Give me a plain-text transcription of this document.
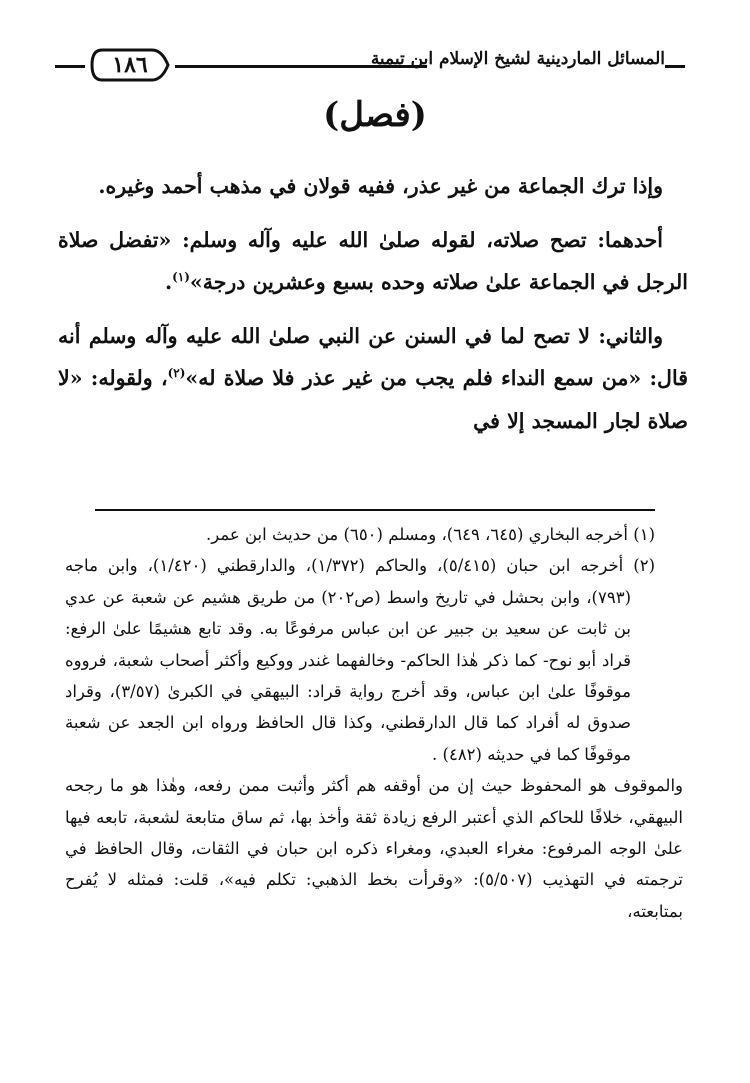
١٨٦	المسائل الماردينية لشيخ الإسلام ابن تيمية
(فصل)

وإذا ترك الجماعة من غير عذر، ففيه قولان في مذهب أحمد وغيره.

أحدهما: تصح صلاته، لقوله صلىٰ الله عليه وآله وسلم: «تفضل صلاة الرجل في الجماعة علىٰ صلاته وحده بسبع وعشرين درجة»$^{(١)}$.

والثاني: لا تصح لما في السنن عن النبي صلىٰ الله عليه وآله وسلم أنه قال: «من سمع النداء فلم يجب من غير عذر فلا صلاة له»$^{(٢)}$، ولقوله: «لا صلاة لجار المسجد إلا في

(١) أخرجه البخاري (٦٤٥، ٦٤٩)، ومسلم (٦٥٠) من حديث ابن عمر.

(٢) أخرجه ابن حبان (٥/٤١٥)، والحاكم (١/٣٧٢)، والدارقطني (١/٤٢٠)، وابن ماجه (٧٩٣)، وابن بحشل في تاريخ واسط (ص٢٠٢) من طريق هشيم عن شعبة عن عدي بن ثابت عن سعيد بن جبير عن ابن عباس مرفوعًا به. وقد تابع هشيمًا علىٰ الرفع: قراد أبو نوح- كما ذكر هٰذا الحاكم- وخالفهما غندر ووكيع وأكثر أصحاب شعبة، فرووه موقوفًا علىٰ ابن عباس، وقد أخرج رواية قراد: البيهقي في الكبرىٰ (٣/٥٧)، وقراد صدوق له أفراد كما قال الدارقطني، وكذا قال الحافظ ورواه ابن الجعد عن شعبة موقوفًا كما في حديثه (٤٨٢) .

والموقوف هو المحفوظ حيث إن من أوقفه هم أكثر وأثبت ممن رفعه، وهٰذا هو ما رجحه البيهقي، خلافًا للحاكم الذي أعتبر الرفع زيادة ثقة وأخذ بها، ثم ساق متابعة لشعبة، تابعه فيها علىٰ الوجه المرفوع: مغراء العبدي، ومغراء ذكره ابن حبان في الثقات، وقال الحافظ في ترجمته في التهذيب (٥/٥٠٧): «وقرأت بخط الذهبي: تكلم فيه»، قلت: فمثله لا يُفرح بمتابعته،
